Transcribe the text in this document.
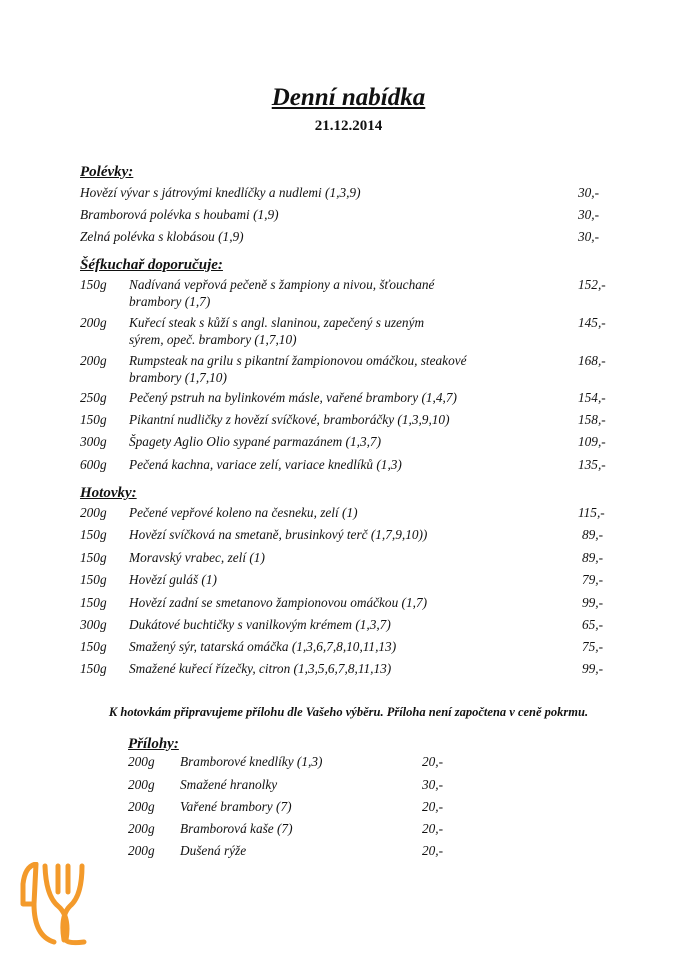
Denní nabídka
21.12.2014
Polévky:
Hovězí vývar s játrovými knedlíčky a nudlemi (1,3,9)	30,-
Bramborová polévka s houbami (1,9)	30,-
Zelná polévka s klobásou (1,9)	30,-
Šéfkuchař doporučuje:
150g Nadívaná vepřová pečeně s žampiony a nivou, šťouchané	152,-
brambory (1,7)
200g Kuřecí steak s kůží s angl. slaninou, zapečený s uzeným	145,-
sýrem, opeč. brambory (1,7,10)
200g Rumpsteak na grilu s pikantní žampionovou omáčkou, steakové	168,-
brambory (1,7,10)
250g Pečený pstruh na bylinkovém másle, vařené brambory (1,4,7)	154,-
150g Pikantní nudličky z hovězí svíčkové, bramboráčky (1,3,9,10)	158,-
300g Špagety Aglio Olio sypané parmazánem (1,3,7)	109,-
600g Pečená kachna, variace zelí, variace knedlíků (1,3)	135,-
Hotovky:
200g Pečené vepřové koleno na česneku, zelí (1)	115,-
150g Hovězí svíčková na smetaně, brusinkový terč (1,7,9,10))	89,-
150g Moravský vrabec, zelí (1)	89,-
150g Hovězí guláš (1)	79,-
150g Hovězí zadní se smetanovo žampionovou omáčkou (1,7)	99,-
300g Dukátové buchtičky s vanilkovým krémem (1,3,7)	65,-
150g Smažený sýr, tatarská omáčka (1,3,6,7,8,10,11,13)	75,-
150g Smažené kuřecí řízečky, citron (1,3,5,6,7,8,11,13)	99,-
K hotovkám připravujeme přílohu dle Vašeho výběru. Příloha není započtena v ceně pokrmu.
Přílohy:
200g Bramborové knedlíky (1,3)	20,-
200g Smažené hranolky	30,-
200g Vařené brambory (7)	20,-
200g Bramborová kaše (7)	20,-
200g Dušená rýže	20,-
